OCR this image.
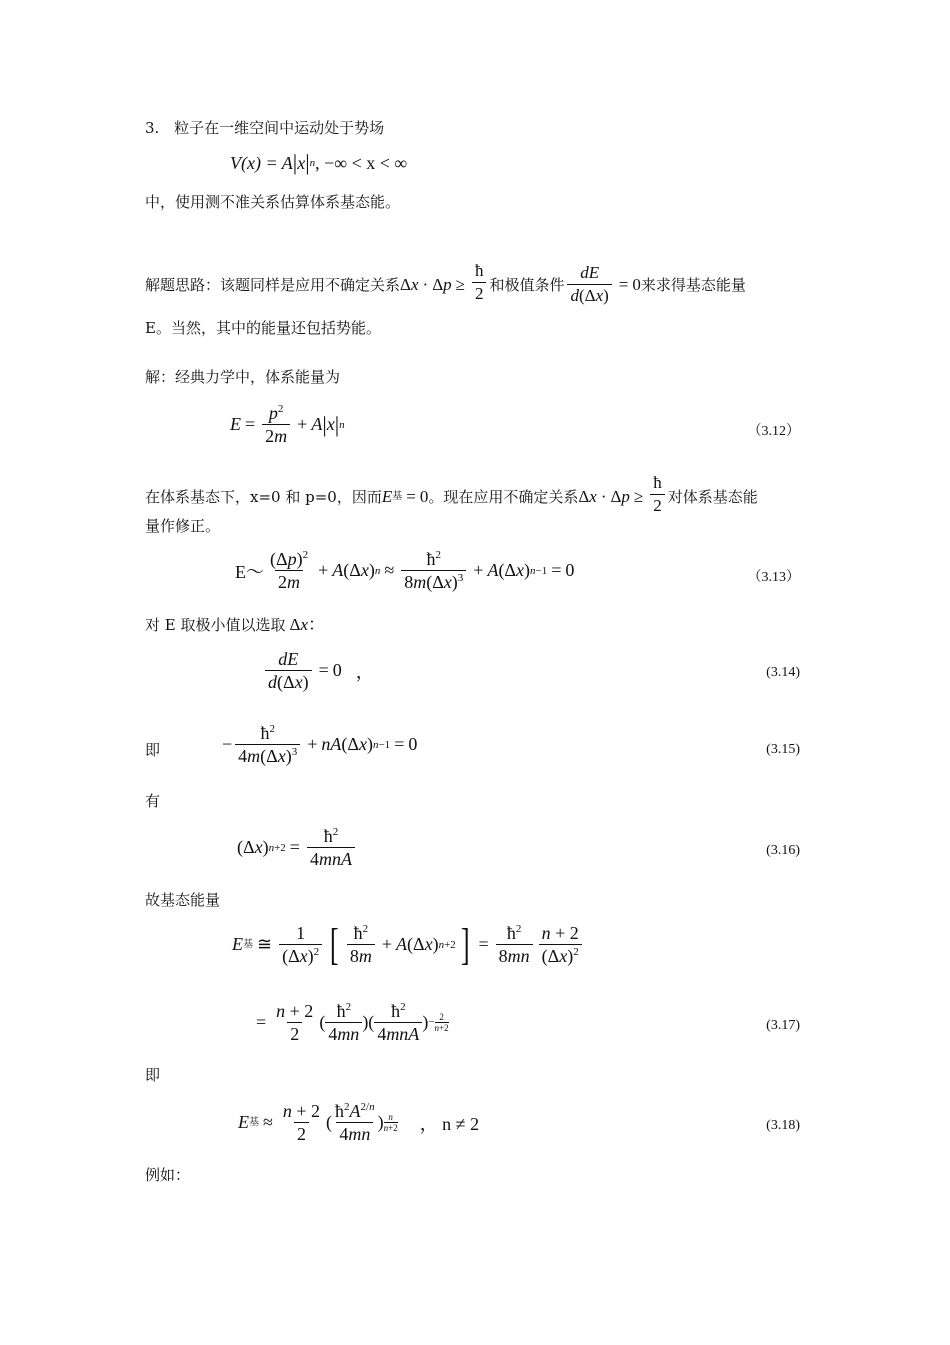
3. 粒子在一维空间中运动处于势场
V(x) = A | x | n , −∞ < x < ∞
中，使用测不准关系估算体系基态能。
解题思路： 该题同样是应用不确定关系 Δ x · Δ $p \ge \frac{ħ}{2}$ 和极值条件 $\frac{dE}{d(\Delta x)} = 0$ 来求得基态能量
E。当然，其中的能量还包括势能。
解：经典力学中，体系能量为
$E = \frac{p^2}{2m} + A$ | x | n	（3.12）
在体系基态下，x=0 和 p=0，因而 E 基 = 0 。现在应用不确定关系 Δ x · Δ $p \ge \frac{ħ}{2}$ 对体系基态能
量作修正。
E～ $\frac{(\Delta p)^2}{2m} + A$ (Δ x ) $n \approx \frac{ħ^2}{8m(\Delta x)^3} + A$ (Δ x ) n−1 = 0	（3.13）
对 E 取极小值以选取 Δ x ：
$\frac{dE}{d(\Delta x)} = 0$ ，	(3.14)
即	− $\frac{ħ^2}{4m(\Delta x)^3}$ + nA (Δ x ) n−1 = 0	(3.15)
有
(Δ x ) $n+2 = \frac{ħ^2}{\text{4mnA}}$	(3.16)
故基态能量
E 基 ≅ $\frac{1}{(\Delta x)^2}$ [ $\frac{ħ^2}{8m} + A$ (Δ x ) n+2 ] = $\frac{ħ^2}{8mn} \frac{n + 2}{(\Delta x)^2}$
= $\frac{n + 2}{2}$ ( $\frac{ħ^2}{4mn}$ )( $\frac{ħ^2}{\text{4mnA}}$ ) − $\frac{2}{n+2}$	(3.17)
即
E 基 ≈ $\frac{n + 2}{2}$ ( $\frac{ħ^2A^{2/n}}{4mn}$ ) $\frac{n}{n+2}$ ， n ≠ 2	(3.18)
例如：
